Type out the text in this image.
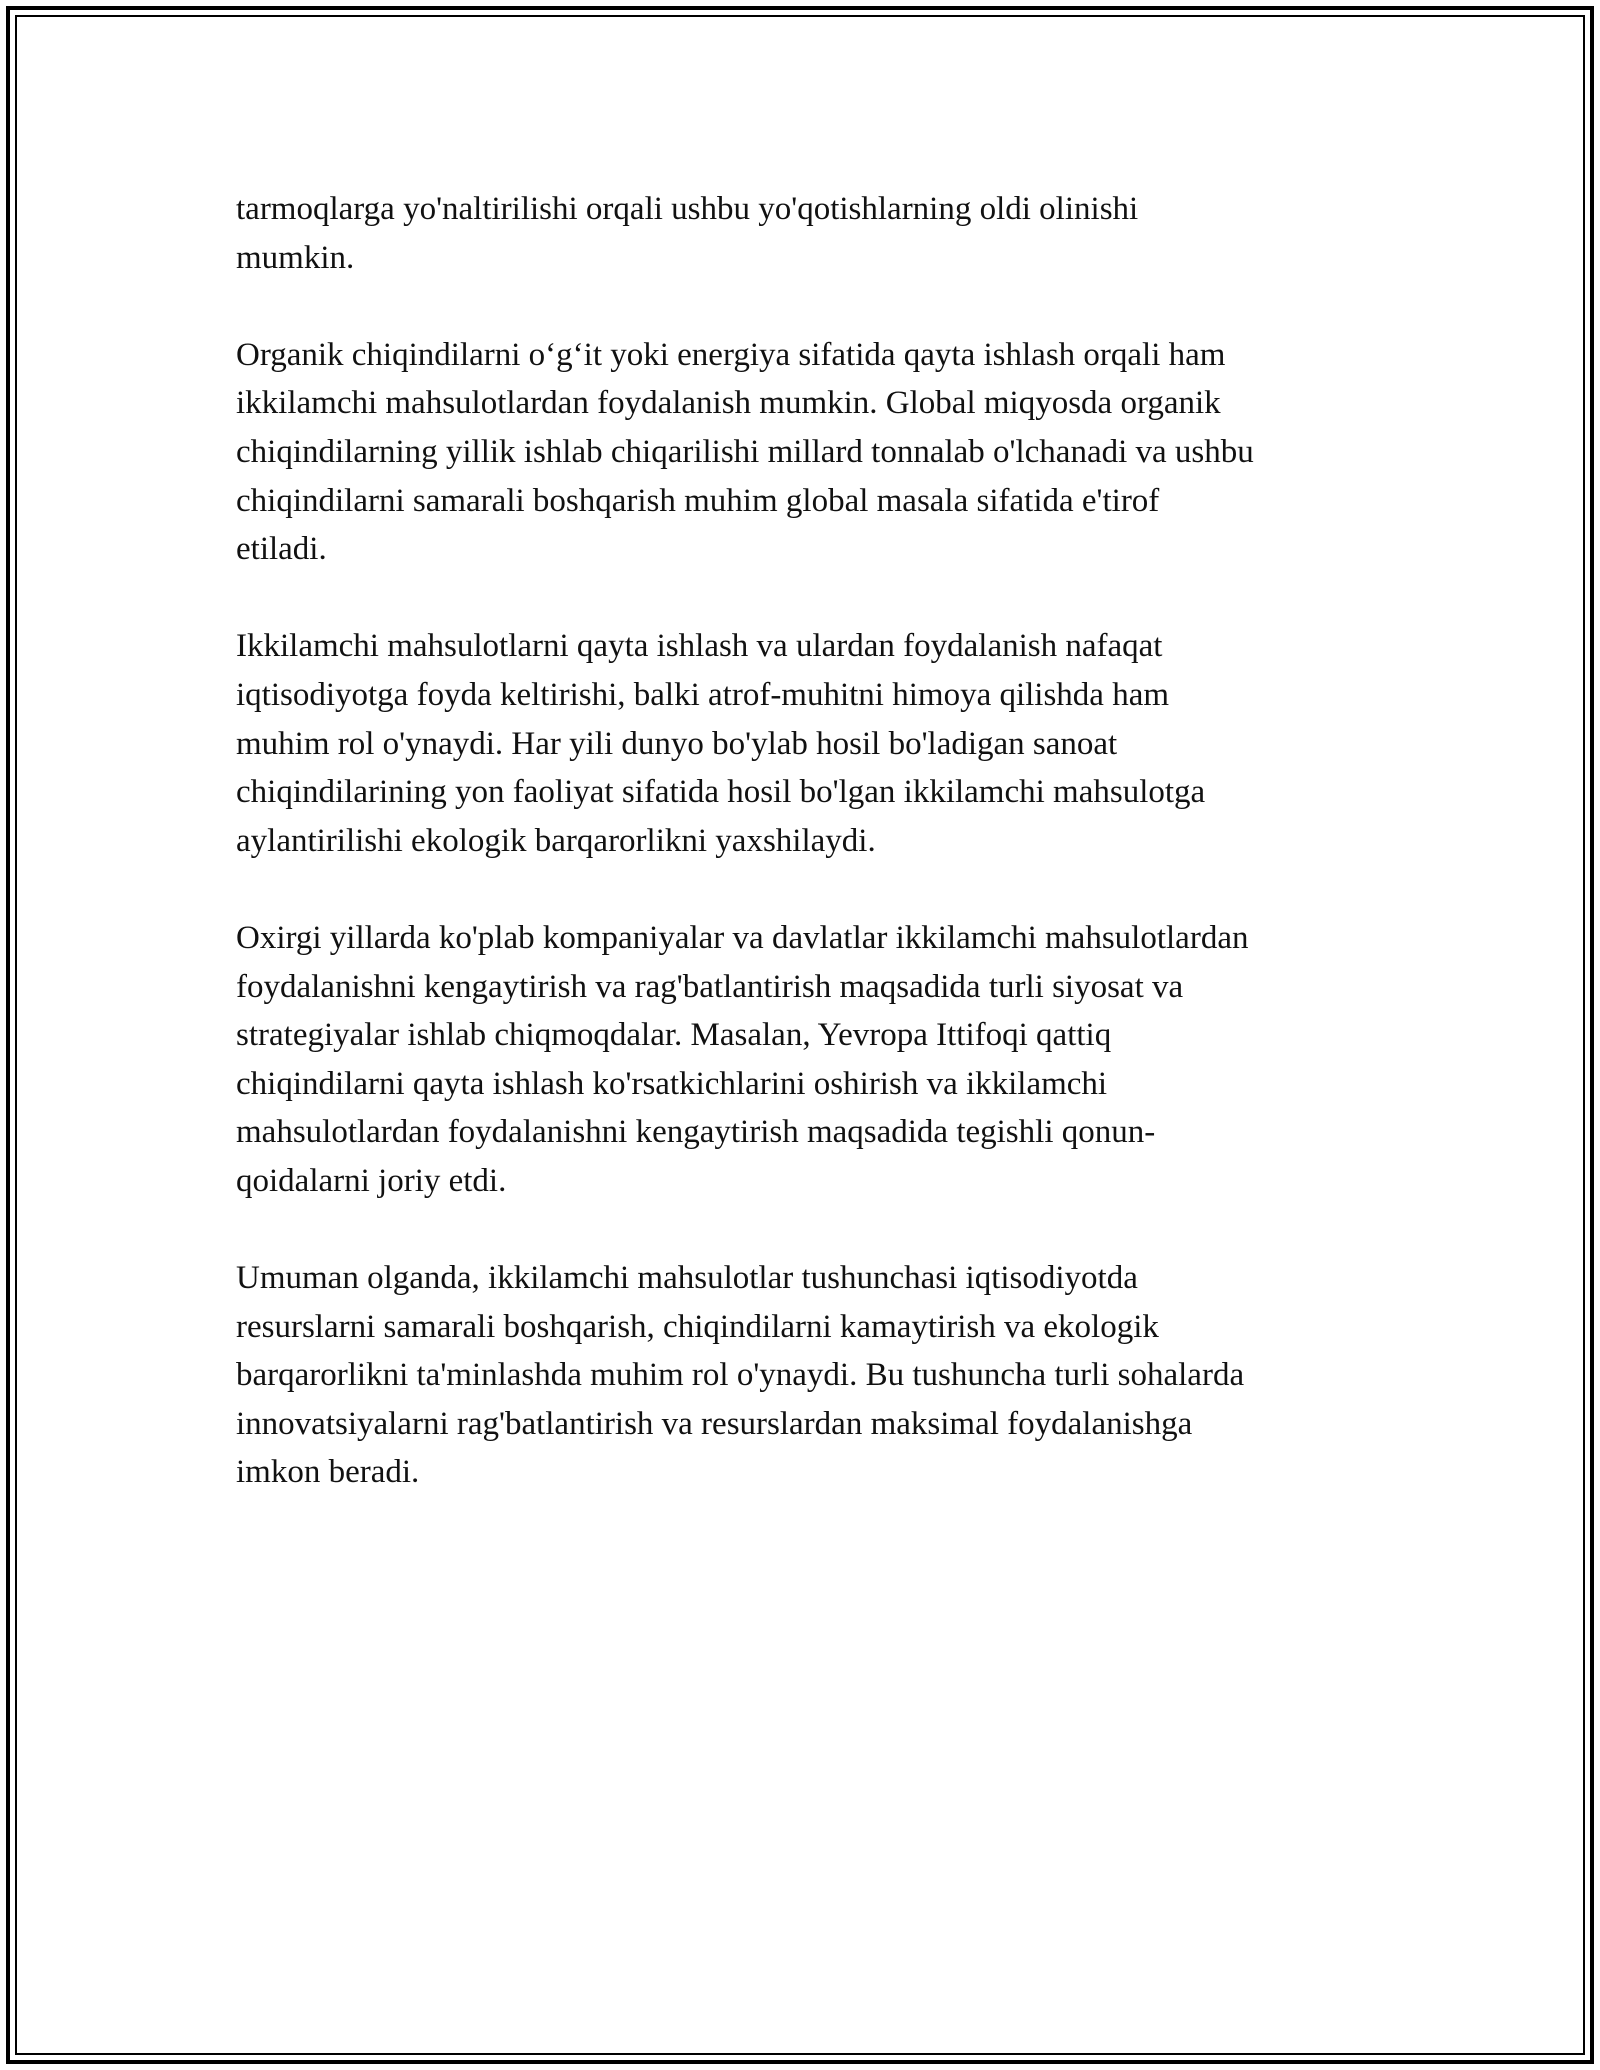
tarmoqlarga yo'naltirilishi orqali ushbu yo'qotishlarning oldi olinishi
mumkin.
Organik chiqindilarni o‘g‘it yoki energiya sifatida qayta ishlash orqali ham
ikkilamchi mahsulotlardan foydalanish mumkin. Global miqyosda organik
chiqindilarning yillik ishlab chiqarilishi millard tonnalab o'lchanadi va ushbu
chiqindilarni samarali boshqarish muhim global masala sifatida e'tirof
etiladi.
Ikkilamchi mahsulotlarni qayta ishlash va ulardan foydalanish nafaqat
iqtisodiyotga foyda keltirishi, balki atrof-muhitni himoya qilishda ham
muhim rol o'ynaydi. Har yili dunyo bo'ylab hosil bo'ladigan sanoat
chiqindilarining yon faoliyat sifatida hosil bo'lgan ikkilamchi mahsulotga
aylantirilishi ekologik barqarorlikni yaxshilaydi.
Oxirgi yillarda ko'plab kompaniyalar va davlatlar ikkilamchi mahsulotlardan
foydalanishni kengaytirish va rag'batlantirish maqsadida turli siyosat va
strategiyalar ishlab chiqmoqdalar. Masalan, Yevropa Ittifoqi qattiq
chiqindilarni qayta ishlash ko'rsatkichlarini oshirish va ikkilamchi
mahsulotlardan foydalanishni kengaytirish maqsadida tegishli qonun-
qoidalarni joriy etdi.
Umuman olganda, ikkilamchi mahsulotlar tushunchasi iqtisodiyotda
resurslarni samarali boshqarish, chiqindilarni kamaytirish va ekologik
barqarorlikni ta'minlashda muhim rol o'ynaydi. Bu tushuncha turli sohalarda
innovatsiyalarni rag'batlantirish va resurslardan maksimal foydalanishga
imkon beradi.
